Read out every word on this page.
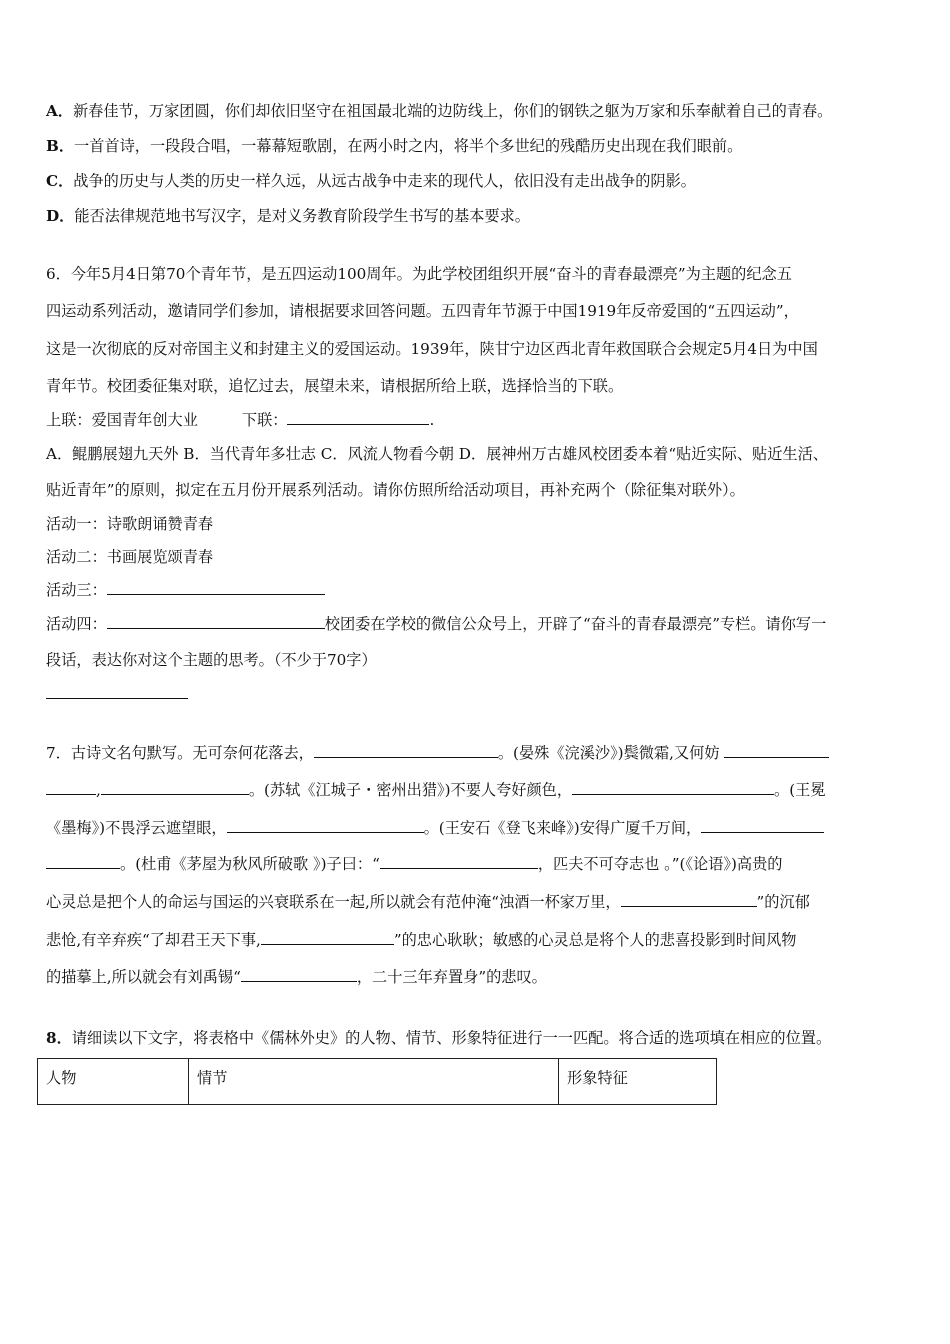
A．新春佳节，万家团圆，你们却依旧坚守在祖国最北端的边防线上，你们的钢铁之躯为万家和乐奉献着自己的青春。
B．一首首诗，一段段合唱，一幕幕短歌剧，在两小时之内，将半个多世纪的残酷历史出现在我们眼前。
C．战争的历史与人类的历史一样久远，从远古战争中走来的现代人，依旧没有走出战争的阴影。
D．能否法律规范地书写汉字，是对义务教育阶段学生书写的基本要求。
6．今年5月4日第70个青年节，是五四运动100周年。为此学校团组织开展“奋斗的青春最漂亮”为主题的纪念五
四运动系列活动，邀请同学们参加，请根据要求回答问题。五四青年节源于中国1919年反帝爱国的“五四运动”，
这是一次彻底的反对帝国主义和封建主义的爱国运动。1939年，陕甘宁边区西北青年救国联合会规定5月4日为中国
青年节。校团委征集对联，追忆过去，展望未来，请根据所给上联，选择恰当的下联。
上联：爱国青年创大业	下联：	.
A．鲲鹏展翅九天外 B．当代青年多壮志 C．风流人物看今朝 D．展神州万古雄风校团委本着“贴近实际、贴近生活、
贴近青年”的原则，拟定在五月份开展系列活动。请你仿照所给活动项目，再补充两个（除征集对联外）。
活动一：诗歌朗诵赞青春
活动二：书画展览颂青春
活动三：
活动四：	校团委在学校的微信公众号上，开辟了“奋斗的青春最漂亮”专栏。请你写一
段话，表达你对这个主题的思考。（不少于70字）
7．古诗文名句默写。无可奈何花落去，	。(晏殊《浣溪沙》)鬓微霜,又何妨
,	。(苏轼《江城子・密州出猎》)不要人夸好颜色，	。(王冕
《墨梅》)不畏浮云遮望眼，	。(王安石《登飞来峰》)安得广厦千万间，
。(杜甫《茅屋为秋风所破歌 》)子曰：“	，匹夫不可夺志也 。”(《论语》)高贵的
心灵总是把个人的命运与国运的兴衰联系在一起,所以就会有范仲淹“浊酒一杯家万里，	”的沉郁
悲怆,有辛弃疾“了却君王天下事,	”的忠心耿耿；敏感的心灵总是将个人的悲喜投影到时间风物
的描摹上,所以就会有刘禹锡“	，二十三年弃置身”的悲叹。
8．请细读以下文字，将表格中《儒林外史》的人物、情节、形象特征进行一一匹配。将合适的选项填在相应的位置。
人物	情节	形象特征
